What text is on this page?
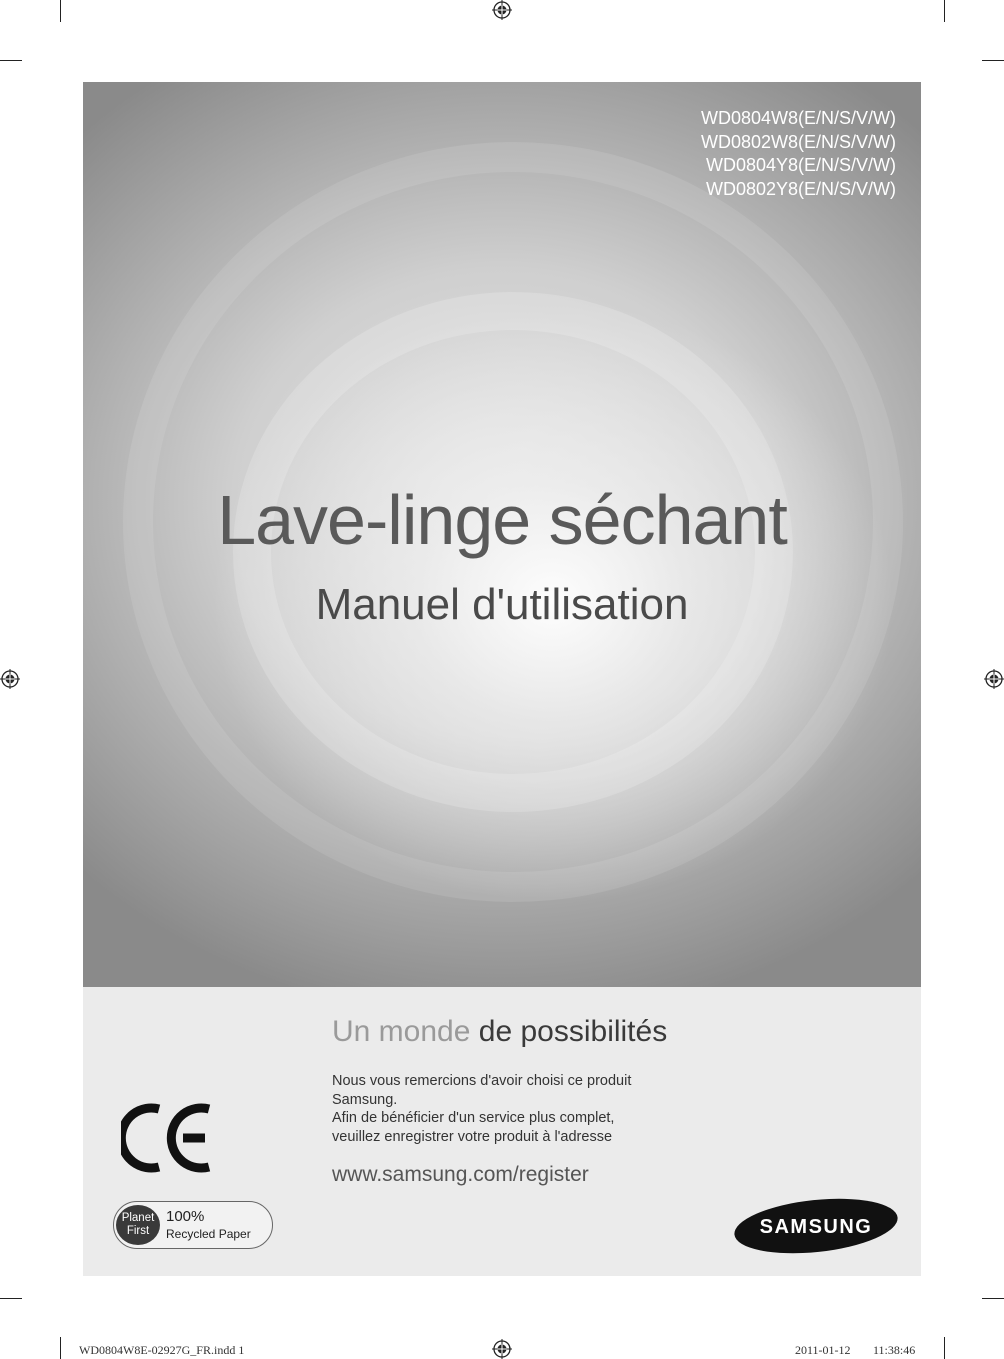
WD0804W8(E/N/S/V/W)
WD0802W8(E/N/S/V/W)
WD0804Y8(E/N/S/V/W)
WD0802Y8(E/N/S/V/W)
Lave-linge séchant
Manuel d'utilisation
Un monde de possibilités
Nous vous remercions d'avoir choisi ce produit
Samsung.
Afin de bénéficier d'un service plus complet,
veuillez enregistrer votre produit à l'adresse
www.samsung.com/register
Planet
First
100%
Recycled Paper	SAMSUNG
WD0804W8E-02927G_FR.indd 1	2011-01-12 11:38:46
